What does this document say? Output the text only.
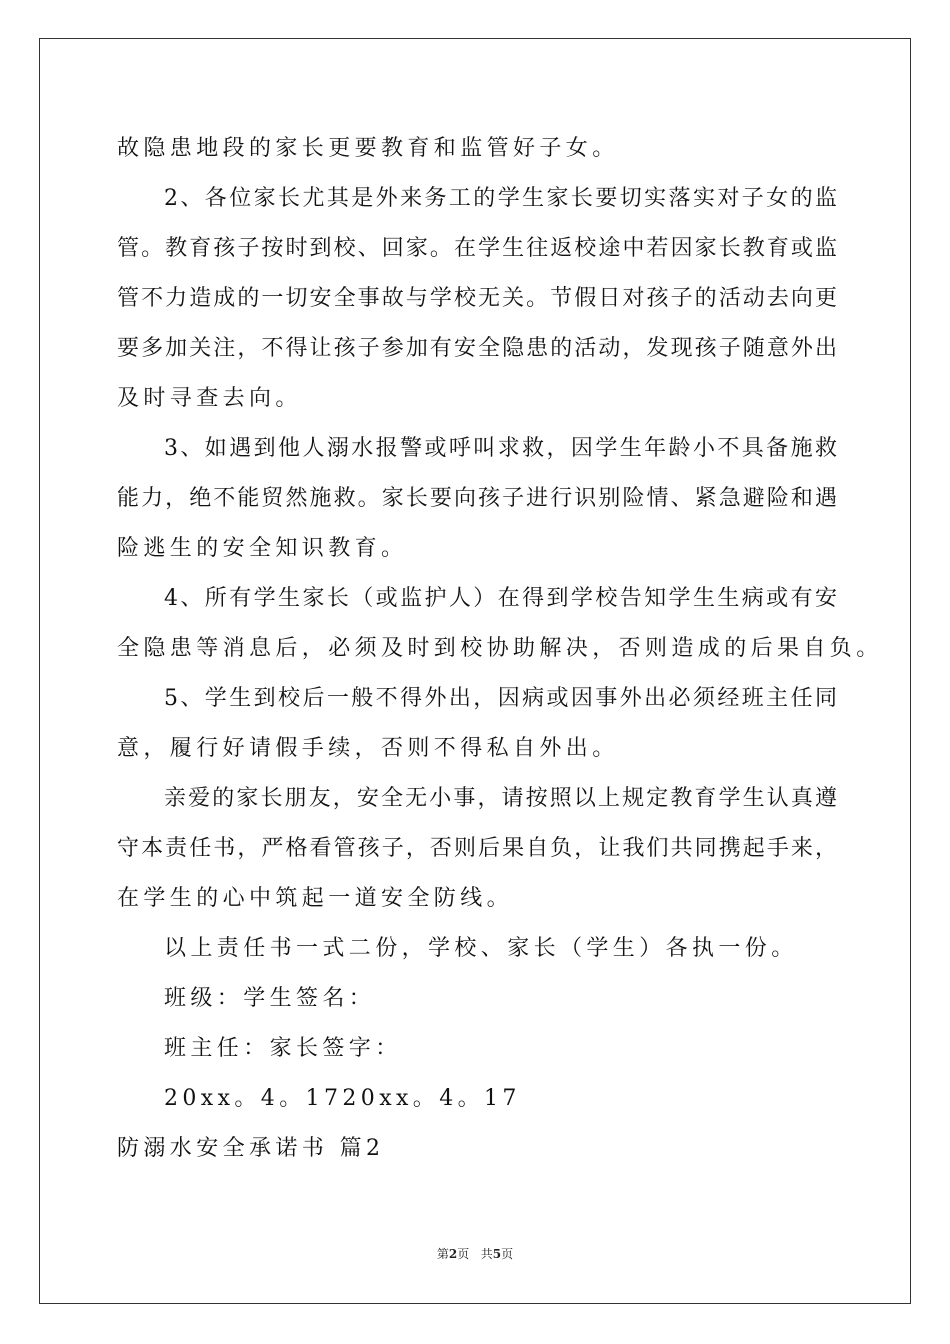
故隐患地段的家长更要教育和监管好子女。
2、各位家长尤其是外来务工的学生家长要切实落实对子女的监
管。教育孩子按时到校、回家。在学生往返校途中若因家长教育或监
管不力造成的一切安全事故与学校无关。节假日对孩子的活动去向更
要多加关注，不得让孩子参加有安全隐患的活动，发现孩子随意外出
及时寻查去向。
3、如遇到他人溺水报警或呼叫求救，因学生年龄小不具备施救
能力，绝不能贸然施救。家长要向孩子进行识别险情、紧急避险和遇
险逃生的安全知识教育。
4、所有学生家长（或监护人）在得到学校告知学生生病或有安
全隐患等消息后，必须及时到校协助解决，否则造成的后果自负。
5、学生到校后一般不得外出，因病或因事外出必须经班主任同
意，履行好请假手续，否则不得私自外出。
亲爱的家长朋友，安全无小事，请按照以上规定教育学生认真遵
守本责任书，严格看管孩子，否则后果自负，让我们共同携起手来，
在学生的心中筑起一道安全防线。
以上责任书一式二份，学校、家长（学生）各执一份。
班级：学生签名：
班主任：家长签字：
20xx。4。1720xx。4。17
防溺水安全承诺书 篇2
第2页 共5页
